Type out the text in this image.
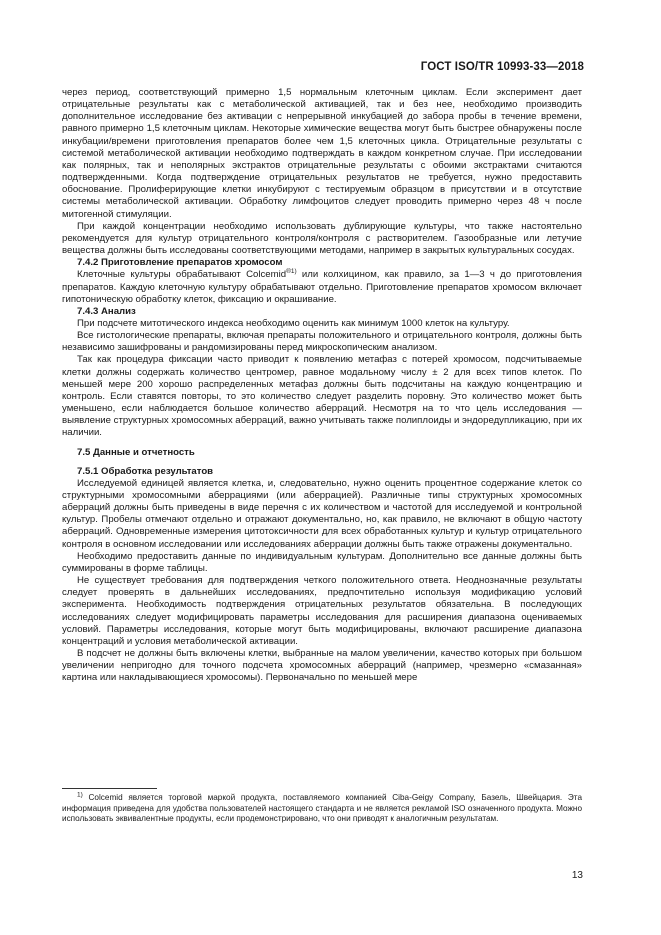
ГОСТ ISO/TR 10993-33—2018

через период, соответствующий примерно 1,5 нормальным клеточным циклам. Если эксперимент дает отрицательные результаты как с метаболической активацией, так и без нее, необходимо производить дополнительное исследование без активации с непрерывной инкубацией до забора пробы в течение времени, равного примерно 1,5 клеточным циклам. Некоторые химические вещества могут быть быстрее обнаружены после инкубации/времени приготовления препаратов более чем 1,5 клеточных цикла. Отрицательные результаты с системой метаболической активации необходимо подтверждать в каждом конкретном случае. При исследовании как полярных, так и неполярных экстрактов отрицательные результаты с обоими экстрактами считаются подтвержденными. Когда подтверждение отрицательных результатов не требуется, нужно предоставить обоснование. Пролиферирующие клетки инкубируют с тестируемым образцом в присутствии и в отсутствие системы метаболической активации. Обработку лимфоцитов следует проводить примерно через 48 ч после митогенной стимуляции.

При каждой концентрации необходимо использовать дублирующие культуры, что также настоятельно рекомендуется для культур отрицательного контроля/контроля с растворителем. Газообразные или летучие вещества должны быть исследованы соответствующими методами, например в закрытых культуральных сосудах.

7.4.2 Приготовление препаратов хромосом

Клеточные культуры обрабатывают Colcemid$^{®1)}$ или колхицином, как правило, за 1—3 ч до приготовления препаратов. Каждую клеточную культуру обрабатывают отдельно. Приготовление препаратов хромосом включает гипотоническую обработку клеток, фиксацию и окрашивание.

7.4.3 Анализ

При подсчете митотического индекса необходимо оценить как минимум 1000 клеток на культуру.

Все гистологические препараты, включая препараты положительного и отрицательного контроля, должны быть независимо зашифрованы и рандомизированы перед микроскопическим анализом.

Так как процедура фиксации часто приводит к появлению метафаз с потерей хромосом, подсчитываемые клетки должны содержать количество центромер, равное модальному числу ± 2 для всех типов клеток. По меньшей мере 200 хорошо распределенных метафаз должны быть подсчитаны на каждую концентрацию и контроль. Если ставятся повторы, то это количество следует разделить поровну. Это количество может быть уменьшено, если наблюдается большое количество аберраций. Несмотря на то что цель исследования — выявление структурных хромосомных аберраций, важно учитывать также полиплоиды и эндоредупликацию, при их наличии.

7.5 Данные и отчетность
7.5.1 Обработка результатов

Исследуемой единицей является клетка, и, следовательно, нужно оценить процентное содержание клеток со структурными хромосомными аберрациями (или аберрацией). Различные типы структурных хромосомных аберраций должны быть приведены в виде перечня с их количеством и частотой для исследуемой и контрольной культур. Пробелы отмечают отдельно и отражают документально, но, как правило, не включают в общую частоту аберраций. Одновременные измерения цитотоксичности для всех обработанных культур и культур отрицательного контроля в основном исследовании или исследованиях аберрации должны быть также отражены документально.

Необходимо предоставить данные по индивидуальным культурам. Дополнительно все данные должны быть суммированы в форме таблицы.

Не существует требования для подтверждения четкого положительного ответа. Неоднозначные результаты следует проверять в дальнейших исследованиях, предпочтительно используя модификацию условий эксперимента. Необходимость подтверждения отрицательных результатов обязательна. В последующих исследованиях следует модифицировать параметры исследования для расширения диапазона оцениваемых условий. Параметры исследования, которые могут быть модифицированы, включают расширение диапазона концентраций и условия метаболической активации.

В подсчет не должны быть включены клетки, выбранные на малом увеличении, качество которых при большом увеличении непригодно для точного подсчета хромосомных аберраций (например, чрезмерно «смазанная» картина или накладывающиеся хромосомы). Первоначально по меньшей мере

$^{1)}$ Colcemid является торговой маркой продукта, поставляемого компанией Ciba-Geigy Company, Базель, Швейцария. Эта информация приведена для удобства пользователей настоящего стандарта и не является рекламой ISO означенного продукта. Можно использовать эквивалентные продукты, если продемонстрировано, что они приводят к аналогичным результатам.

13
